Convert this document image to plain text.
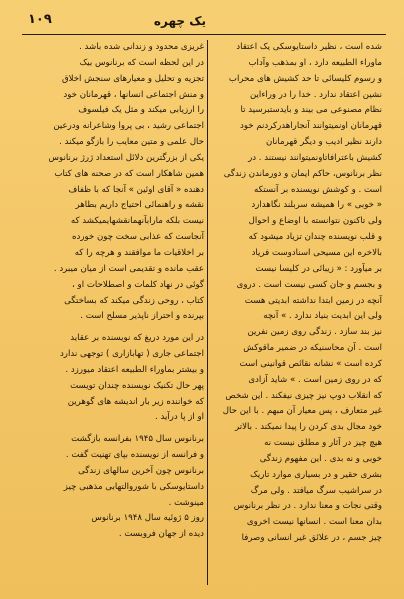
یک چهره
۱۰۹
شده است ، نظیر داستایوسکی یک اعتقاد
ماوراء الطبیعه دارد ، او بمذهب وآداب
و رسوم کلیسائی تا حد کشیش های محراب
نشین اعتقاد ندارد . خدا را در وراءاین
نظام مصنوعی می بیند و بایدستبرسید تا
قهرمانان اونمیتوانند آنجاراهدرکردنم خود
دارند نظیر ادیب و دیگر قهرمانان
کشیش باعترافاتاونمیتوانند نیستند . در
نظر برنانوس، حاکم ایمان و دورماندن زندگی
است . و کوشش نویسنده بر آنستکه
« خوبی » را همیشه سربلند نگاهدارد
ولی تاکنون نتوانسته با اوضاع و احوال
و قلب نویسنده چندان تزیاد میشود که
بالاخره این مسیحی اسنادوست فریاد
بر میآورد : « زیبائی در کلیسا نیست
و بجسم و جان کسی نیست است . دروی
آنچه در زمین ابتدا نداشته ابدیتی هست
ولی این ابدیت بنیاد ندارد . » آنچه
نیز بند سازد . زندگی روی زمین نفرین
است . آن محاسنیکه در ضمیر ماقوکش
کرده است » نشانه نقائص قوانینی است
که در روی زمین است . » شاید آزادی
که انقلاب دوپ نیز چیزی نیفکند . این شخص
غیر متعارف ، پس معیار آن مبهم . با این حال
خود مجال بدی کردن را پیدا نمیکند . بالاتر
هیچ چیز در آثار و مطلق نیست نه
خوبی و نه بدی . این مفهوم زندگی
بشری حقیر و در بسیاری موارد تاریک
در سراشیب سرگ میافتد . ولی مرگ
وقتی نجات و معنا ندارد . در نظر برنانوس
بدان معنا است . انسانها نیست اخروی
چیز جسم ، در علائق غیر انسانی وصرفا
غریزی محدود و زندانی شده باشد .
در این لحظه است که برنانوس بیک
تجزیه و تحلیل و معیارهای سنجش اخلاق
و منش اجتماعی انسانها ، قهرمانان خود
را ارزیابی میکند و مثل یک فیلسوف
اجتماعی رشید ، بی پروا وشاعرانه ودرعین
حال علمی و متین معایب را بازگو میکند .
یکی از بزرگترین دلائل استعداد ژرژ برنانوس
همین شاهکار است که در صحنه های کتاب
دهنده « آقای اوئین » آنجا که با ظفاف
نقشه و راهنمائی احتیاج داریم بطاهر
نیست بلکه مارابآنهمانقشهایمیکشد که
آنجاست که عذابی سخت چون خورده
بر اخلاقیات ما موافقند و هرچه را که
عقب مانده و تقدیمی است از میان میبرد .
گوئی در نهاد کلمات و اصطلاحات او ،
کتاب ، روحی زندگی میکند که بساختگی
بپرنده و احتراز ناپذیر مسلح است .
در این مورد دریغ که نویسنده بر عقاید
اجتماعی جاری ( تهابازاری ) توجهی ندارد
و بیشتر بماوراء الطبیعه اعتقاد میورزد .
پهر حال تکنیک نویسنده چندان تویست
که خواننده زیر بار اندیشه های گوهرین
او از پا درآید .
برنانوس سال ۱۹۴۵ بفرانسه بازگشت
و فرانسه از نویسنده بپای تهنیت گفت .
برنانوس چون آخرین سالهای زندگی
داستایوسکی با شوروالتهابی مذهبی چیز
مینوشت .
روز ۵ ژوئیه سال ۱۹۴۸ برنانوس
دیده از جهان فروبست .
